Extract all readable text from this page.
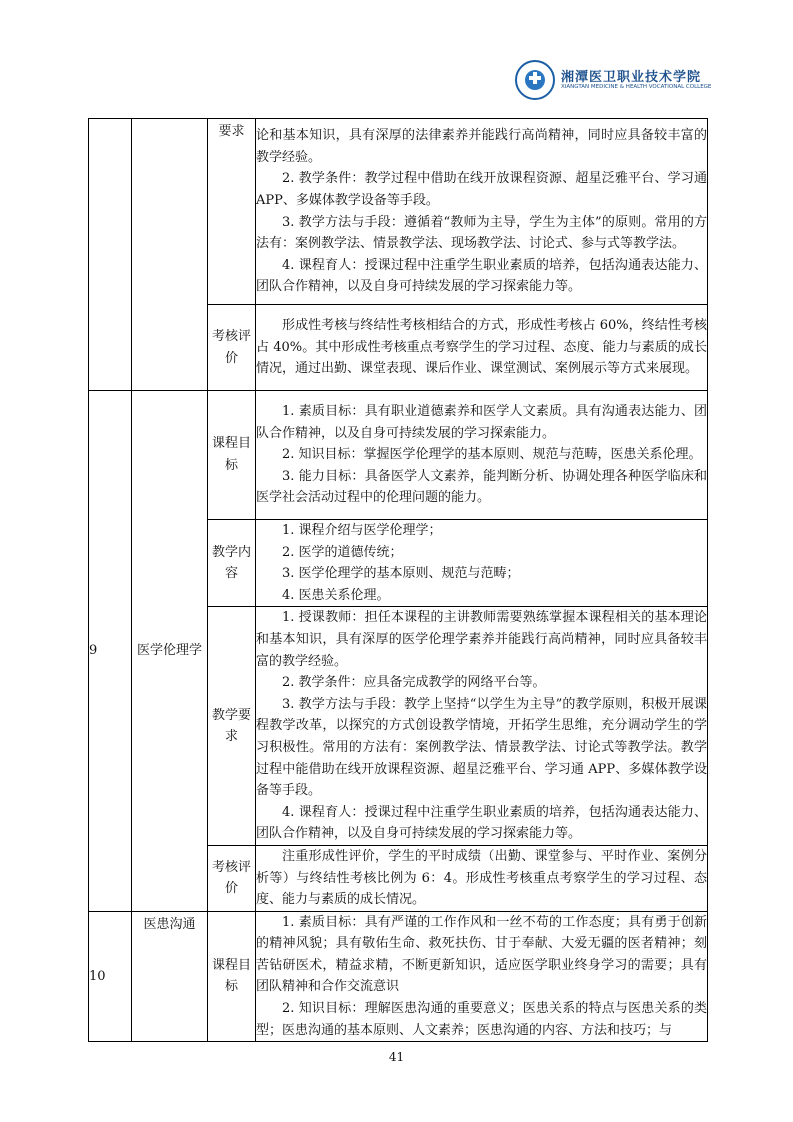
湘潭医卫职业技术学院
XIANGTAN MEDICINE & HEALTH VOCATIONAL COLLEGE
		要求	论和基本知识，具有深厚的法律素养并能践行高尚精神，同时应具备较丰富的教学经验。

2. 教学条件：教学过程中借助在线开放课程资源、超星泛雅平台、学习通 APP、多媒体教学设备等手段。

3. 教学方法与手段：遵循着“教师为主导，学生为主体”的原则。常用的方法有：案例教学法、情景教学法、现场教学法、讨论式、参与式等教学法。

4. 课程育人：授课过程中注重学生职业素质的培养，包括沟通表达能力、团队合作精神，以及自身可持续发展的学习探索能力等。

		考核评价	形成性考核与终结性考核相结合的方式，形成性考核占 60%，终结性考核占 40%。其中形成性考核重点考察学生的学习过程、态度、能力与素质的成长情况，通过出勤、课堂表现、课后作业、课堂测试、案例展示等方式来展现。

9	医学伦理学	课程目标	1. 素质目标：具有职业道德素养和医学人文素质。具有沟通表达能力、团队合作精神，以及自身可持续发展的学习探索能力。

2. 知识目标：掌握医学伦理学的基本原则、规范与范畴，医患关系伦理。

3. 能力目标：具备医学人文素养，能判断分析、协调处理各种医学临床和医学社会活动过程中的伦理问题的能力。

		教学内容	1. 课程介绍与医学伦理学；

2. 医学的道德传统；

3. 医学伦理学的基本原则、规范与范畴；

4. 医患关系伦理。

		教学要求	1. 授课教师：担任本课程的主讲教师需要熟练掌握本课程相关的基本理论和基本知识，具有深厚的医学伦理学素养并能践行高尚精神，同时应具备较丰富的教学经验。

2. 教学条件：应具备完成教学的网络平台等。

3. 教学方法与手段：教学上坚持“以学生为主导”的教学原则，积极开展课程教学改革，以探究的方式创设教学情境，开拓学生思维，充分调动学生的学习积极性。常用的方法有：案例教学法、情景教学法、讨论式等教学法。教学过程中能借助在线开放课程资源、超星泛雅平台、学习通 APP、多媒体教学设备等手段。

4. 课程育人：授课过程中注重学生职业素质的培养，包括沟通表达能力、团队合作精神，以及自身可持续发展的学习探索能力等。

		考核评价	注重形成性评价，学生的平时成绩（出勤、课堂参与、平时作业、案例分析等）与终结性考核比例为 6：4。形成性考核重点考察学生的学习过程、态度、能力与素质的成长情况。

10	医患沟通	课程目标	1. 素质目标：具有严谨的工作作风和一丝不苟的工作态度；具有勇于创新的精神风貌；具有敬佑生命、救死扶伤、甘于奉献、大爱无疆的医者精神；刻苦钻研医术，精益求精，不断更新知识，适应医学职业终身学习的需要；具有团队精神和合作交流意识

2. 知识目标：理解医患沟通的重要意义；医患关系的特点与医患关系的类型；医患沟通的基本原则、人文素养；医患沟通的内容、方法和技巧；与

41
